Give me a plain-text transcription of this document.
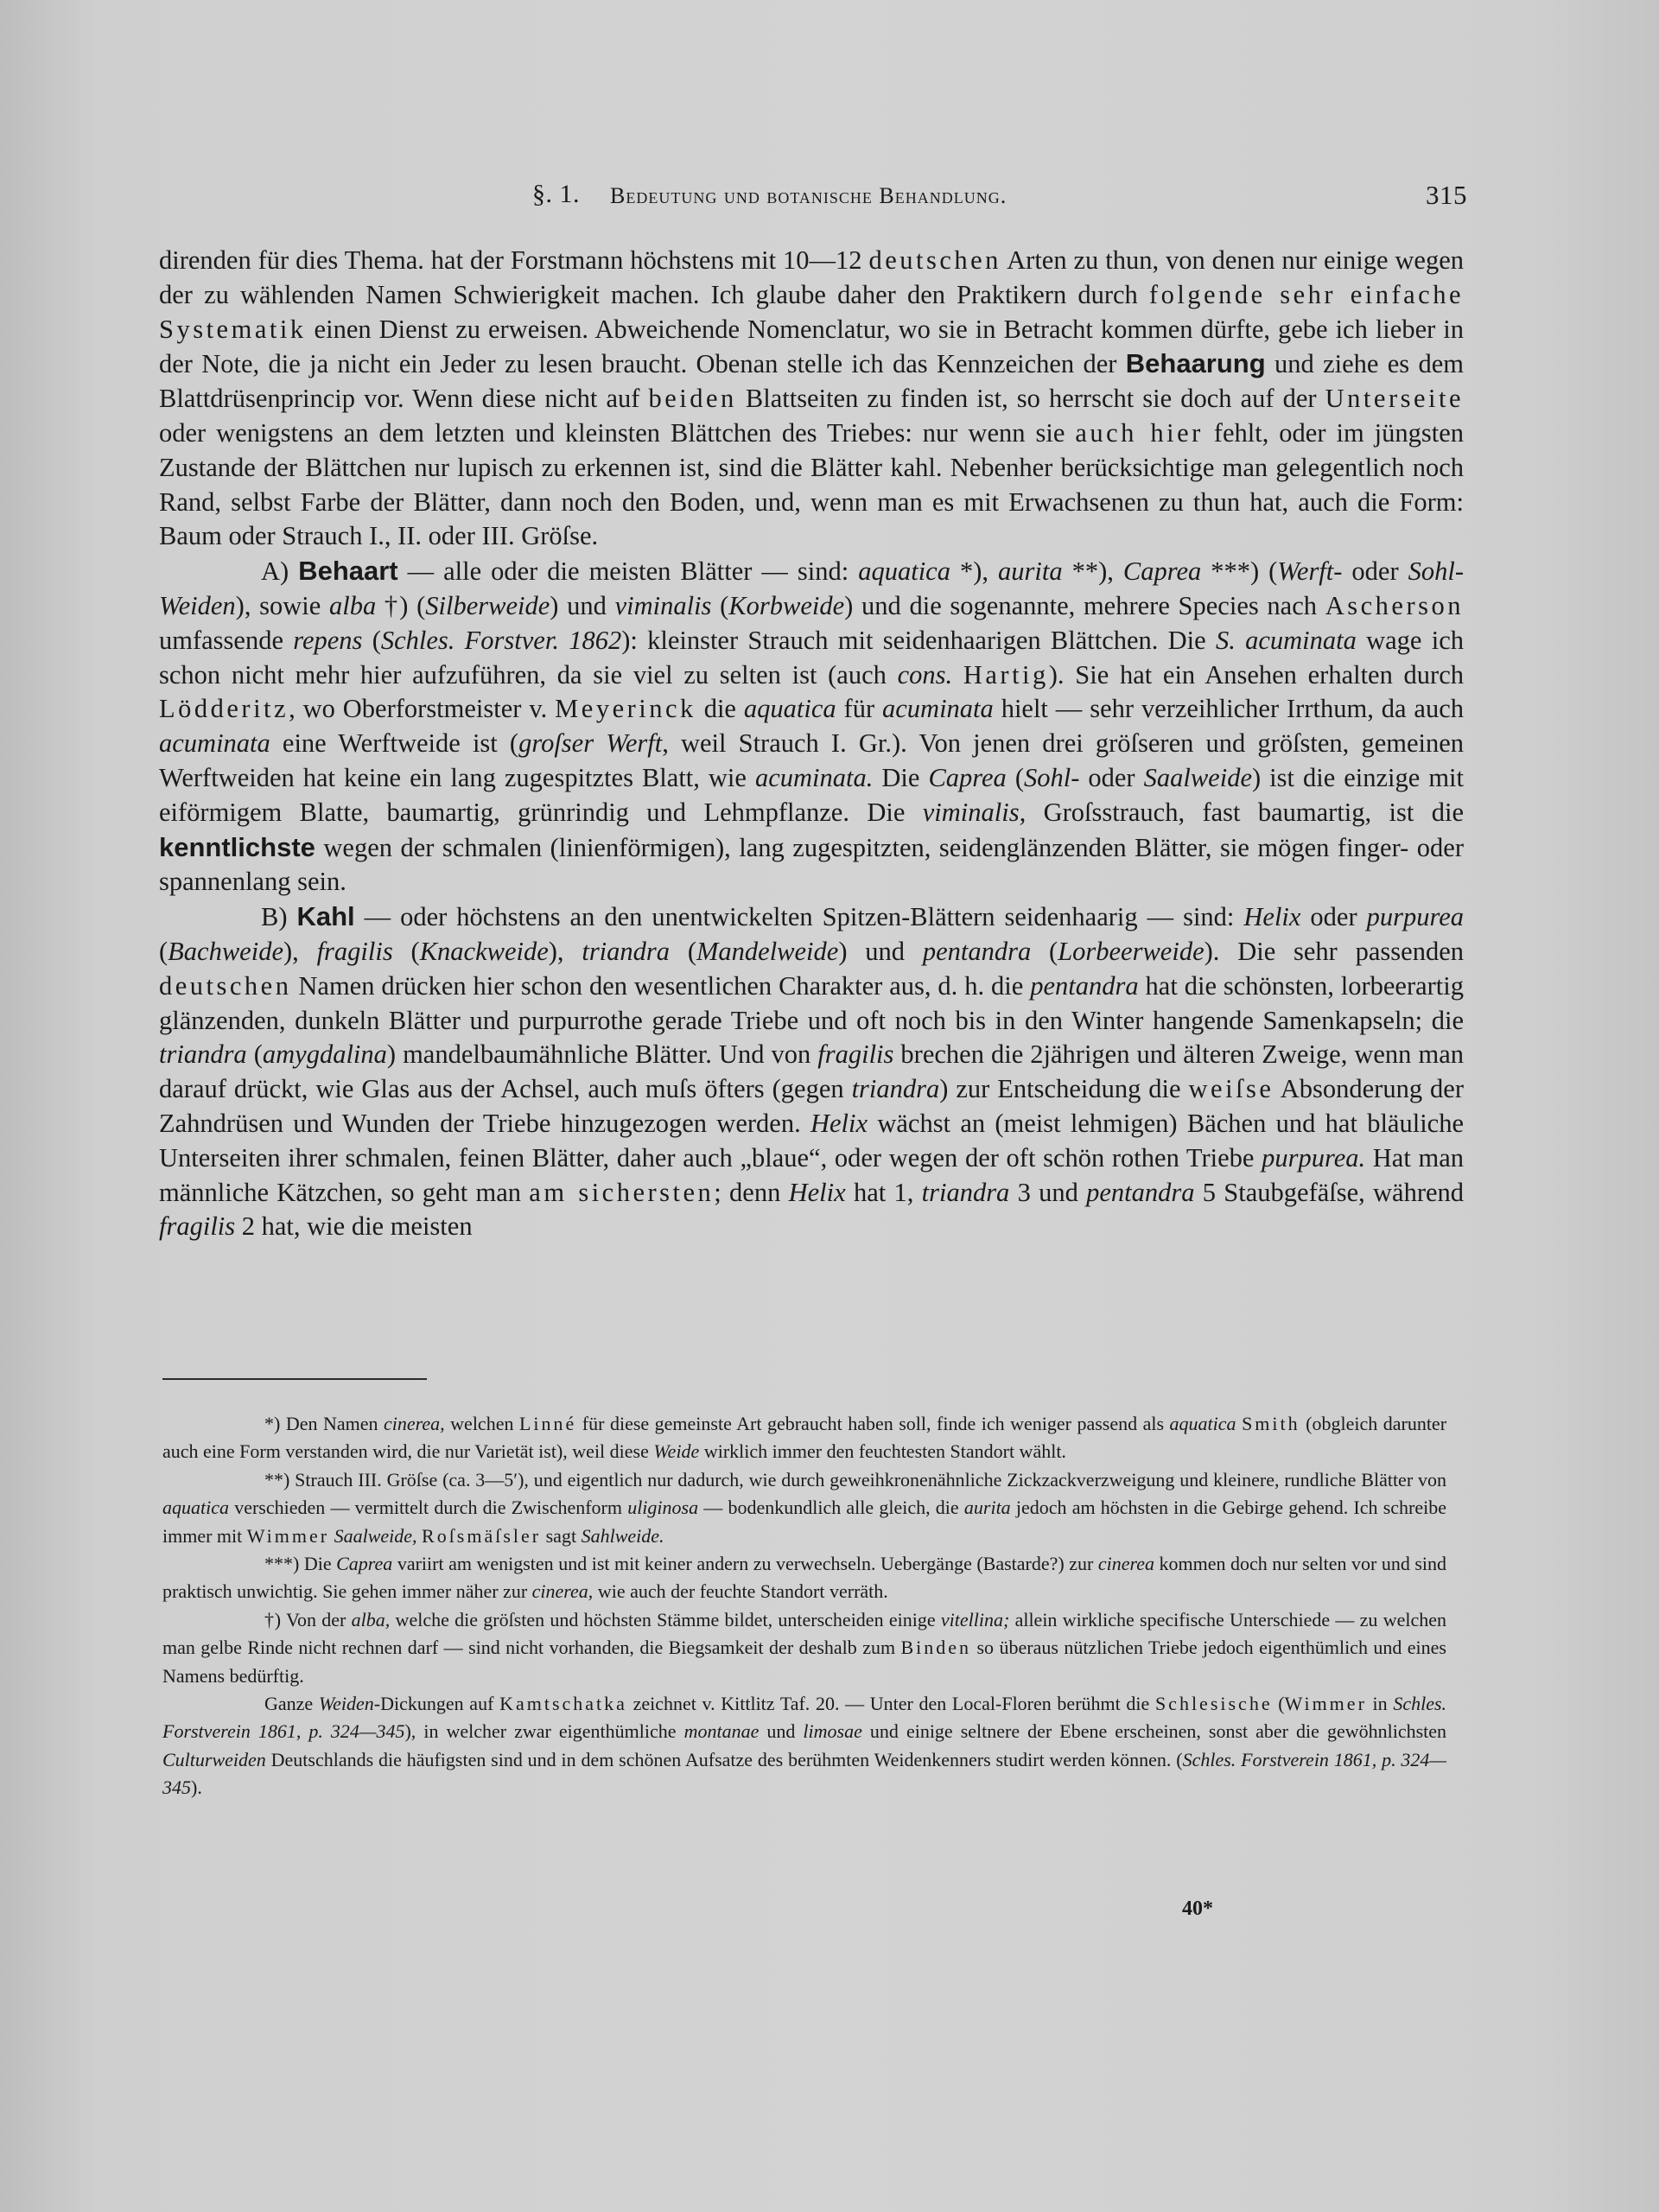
§. 1. Bedeutung und botanische Behandlung.	315

direnden für dies Thema. hat der Forstmann höchstens mit 10—12 deutschen Arten zu thun, von denen nur einige wegen der zu wählenden Namen Schwierigkeit machen. Ich glaube daher den Praktikern durch folgende sehr einfache Systematik einen Dienst zu erweisen. Abweichende Nomenclatur, wo sie in Betracht kommen dürfte, gebe ich lieber in der Note, die ja nicht ein Jeder zu lesen braucht. Obenan stelle ich das Kennzeichen der Behaarung und ziehe es dem Blattdrüsenprincip vor. Wenn diese nicht auf beiden Blattseiten zu finden ist, so herrscht sie doch auf der Unterseite oder wenigstens an dem letzten und kleinsten Blättchen des Triebes: nur wenn sie auch hier fehlt, oder im jüngsten Zustande der Blättchen nur lupisch zu erkennen ist, sind die Blätter kahl. Nebenher berücksichtige man gelegentlich noch Rand, selbst Farbe der Blätter, dann noch den Boden, und, wenn man es mit Erwachsenen zu thun hat, auch die Form: Baum oder Strauch I., II. oder III. Gröſse.

A) Behaart — alle oder die meisten Blätter — sind: aquatica *), aurita **), Caprea ***) (Werft- oder Sohl-Weiden), sowie alba †) (Silberweide) und viminalis (Korbweide) und die sogenannte, mehrere Species nach Ascherson umfassende repens (Schles. Forstver. 1862): kleinster Strauch mit seidenhaarigen Blättchen. Die S. acuminata wage ich schon nicht mehr hier aufzuführen, da sie viel zu selten ist (auch cons. Hartig). Sie hat ein Ansehen erhalten durch Lödderitz, wo Oberforstmeister v. Meyerinck die aquatica für acuminata hielt — sehr verzeihlicher Irrthum, da auch acuminata eine Werftweide ist (groſser Werft, weil Strauch I. Gr.). Von jenen drei gröſseren und gröſsten, gemeinen Werftweiden hat keine ein lang zugespitztes Blatt, wie acuminata. Die Caprea (Sohl- oder Saalweide) ist die einzige mit eiförmigem Blatte, baumartig, grünrindig und Lehmpflanze. Die viminalis, Groſsstrauch, fast baumartig, ist die kenntlichste wegen der schmalen (linienförmigen), lang zugespitzten, seidenglänzenden Blätter, sie mögen finger- oder spannenlang sein.

B) Kahl — oder höchstens an den unentwickelten Spitzen-Blättern seidenhaarig — sind: Helix oder purpurea (Bachweide), fragilis (Knackweide), triandra (Mandelweide) und pentandra (Lorbeerweide). Die sehr passenden deutschen Namen drücken hier schon den wesentlichen Charakter aus, d. h. die pentandra hat die schönsten, lorbeerartig glänzenden, dunkeln Blätter und purpurrothe gerade Triebe und oft noch bis in den Winter hangende Samenkapseln; die triandra (amygdalina) mandelbaumähnliche Blätter. Und von fragilis brechen die 2jährigen und älteren Zweige, wenn man darauf drückt, wie Glas aus der Achsel, auch muſs öfters (gegen triandra) zur Entscheidung die weiſse Absonderung der Zahndrüsen und Wunden der Triebe hinzugezogen werden. Helix wächst an (meist lehmigen) Bächen und hat bläuliche Unterseiten ihrer schmalen, feinen Blätter, daher auch „blaue“, oder wegen der oft schön rothen Triebe purpurea. Hat man männliche Kätzchen, so geht man am sichersten; denn Helix hat 1, triandra 3 und pentandra 5 Staubgefäſse, während fragilis 2 hat, wie die meisten

*) Den Namen cinerea, welchen Linné für diese gemeinste Art gebraucht haben soll, finde ich weniger passend als aquatica Smith (obgleich darunter auch eine Form verstanden wird, die nur Varietät ist), weil diese Weide wirklich immer den feuchtesten Standort wählt.

**) Strauch III. Gröſse (ca. 3—5′), und eigentlich nur dadurch, wie durch geweihkronenähnliche Zickzackverzweigung und kleinere, rundliche Blätter von aquatica verschieden — vermittelt durch die Zwischenform uliginosa — bodenkundlich alle gleich, die aurita jedoch am höchsten in die Gebirge gehend. Ich schreibe immer mit Wimmer Saalweide, Roſsmäſsler sagt Sahlweide.

***) Die Caprea variirt am wenigsten und ist mit keiner andern zu verwechseln. Uebergänge (Bastarde?) zur cinerea kommen doch nur selten vor und sind praktisch unwichtig. Sie gehen immer näher zur cinerea, wie auch der feuchte Standort verräth.

†) Von der alba, welche die gröſsten und höchsten Stämme bildet, unterscheiden einige vitellina; allein wirkliche specifische Unterschiede — zu welchen man gelbe Rinde nicht rechnen darf — sind nicht vorhanden, die Biegsamkeit der deshalb zum Binden so überaus nützlichen Triebe jedoch eigenthümlich und eines Namens bedürftig.

Ganze Weiden-Dickungen auf Kamtschatka zeichnet v. Kittlitz Taf. 20. — Unter den Local-Floren berühmt die Schlesische (Wimmer in Schles. Forstverein 1861, p. 324—345), in welcher zwar eigenthümliche montanae und limosae und einige seltnere der Ebene erscheinen, sonst aber die gewöhnlichsten Culturweiden Deutschlands die häufigsten sind und in dem schönen Aufsatze des berühmten Weidenkenners studirt werden können. (Schles. Forstverein 1861, p. 324—345).

40*
